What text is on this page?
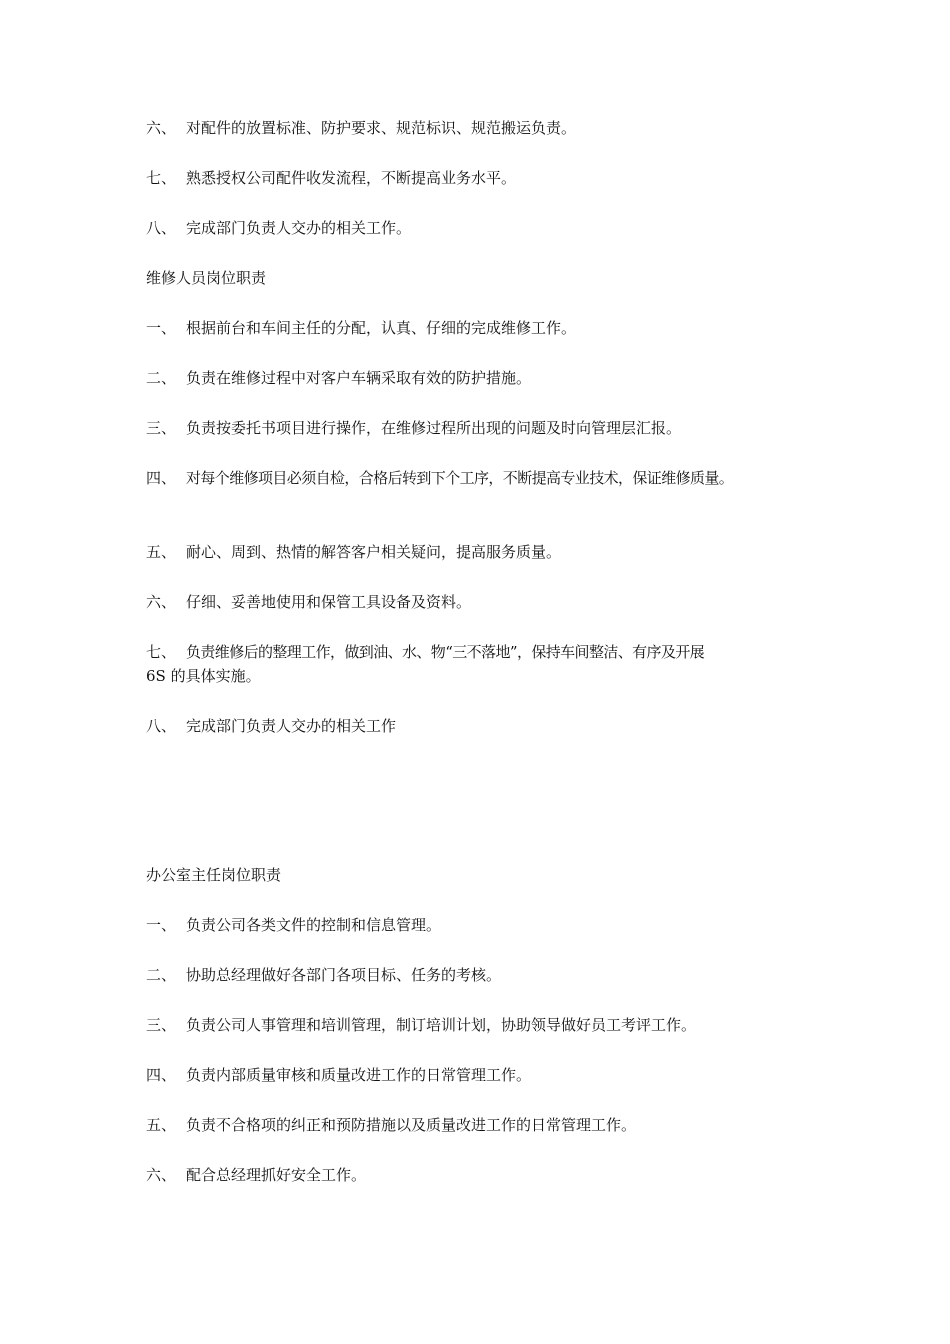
六、 对配件的放置标准、防护要求、规范标识、规范搬运负责。
七、 熟悉授权公司配件收发流程，不断提高业务水平。
八、 完成部门负责人交办的相关工作。
维修人员岗位职责
一、 根据前台和车间主任的分配，认真、仔细的完成维修工作。
二、 负责在维修过程中对客户车辆采取有效的防护措施。
三、 负责按委托书项目进行操作，在维修过程所出现的问题及时向管理层汇报。
四、 对每个维修项目必须自检，合格后转到下个工序，不断提高专业技术，保证维修质量。
五、 耐心、周到、热情的解答客户相关疑问，提高服务质量。
六、 仔细、妥善地使用和保管工具设备及资料。
七、 负责维修后的整理工作，做到油、水、物“三不落地”，保持车间整洁、有序及开展
6S 的具体实施。
八、 完成部门负责人交办的相关工作
办公室主任岗位职责
一、 负责公司各类文件的控制和信息管理。
二、 协助总经理做好各部门各项目标、任务的考核。
三、 负责公司人事管理和培训管理，制订培训计划，协助领导做好员工考评工作。
四、 负责内部质量审核和质量改进工作的日常管理工作。
五、 负责不合格项的纠正和预防措施以及质量改进工作的日常管理工作。
六、 配合总经理抓好安全工作。
